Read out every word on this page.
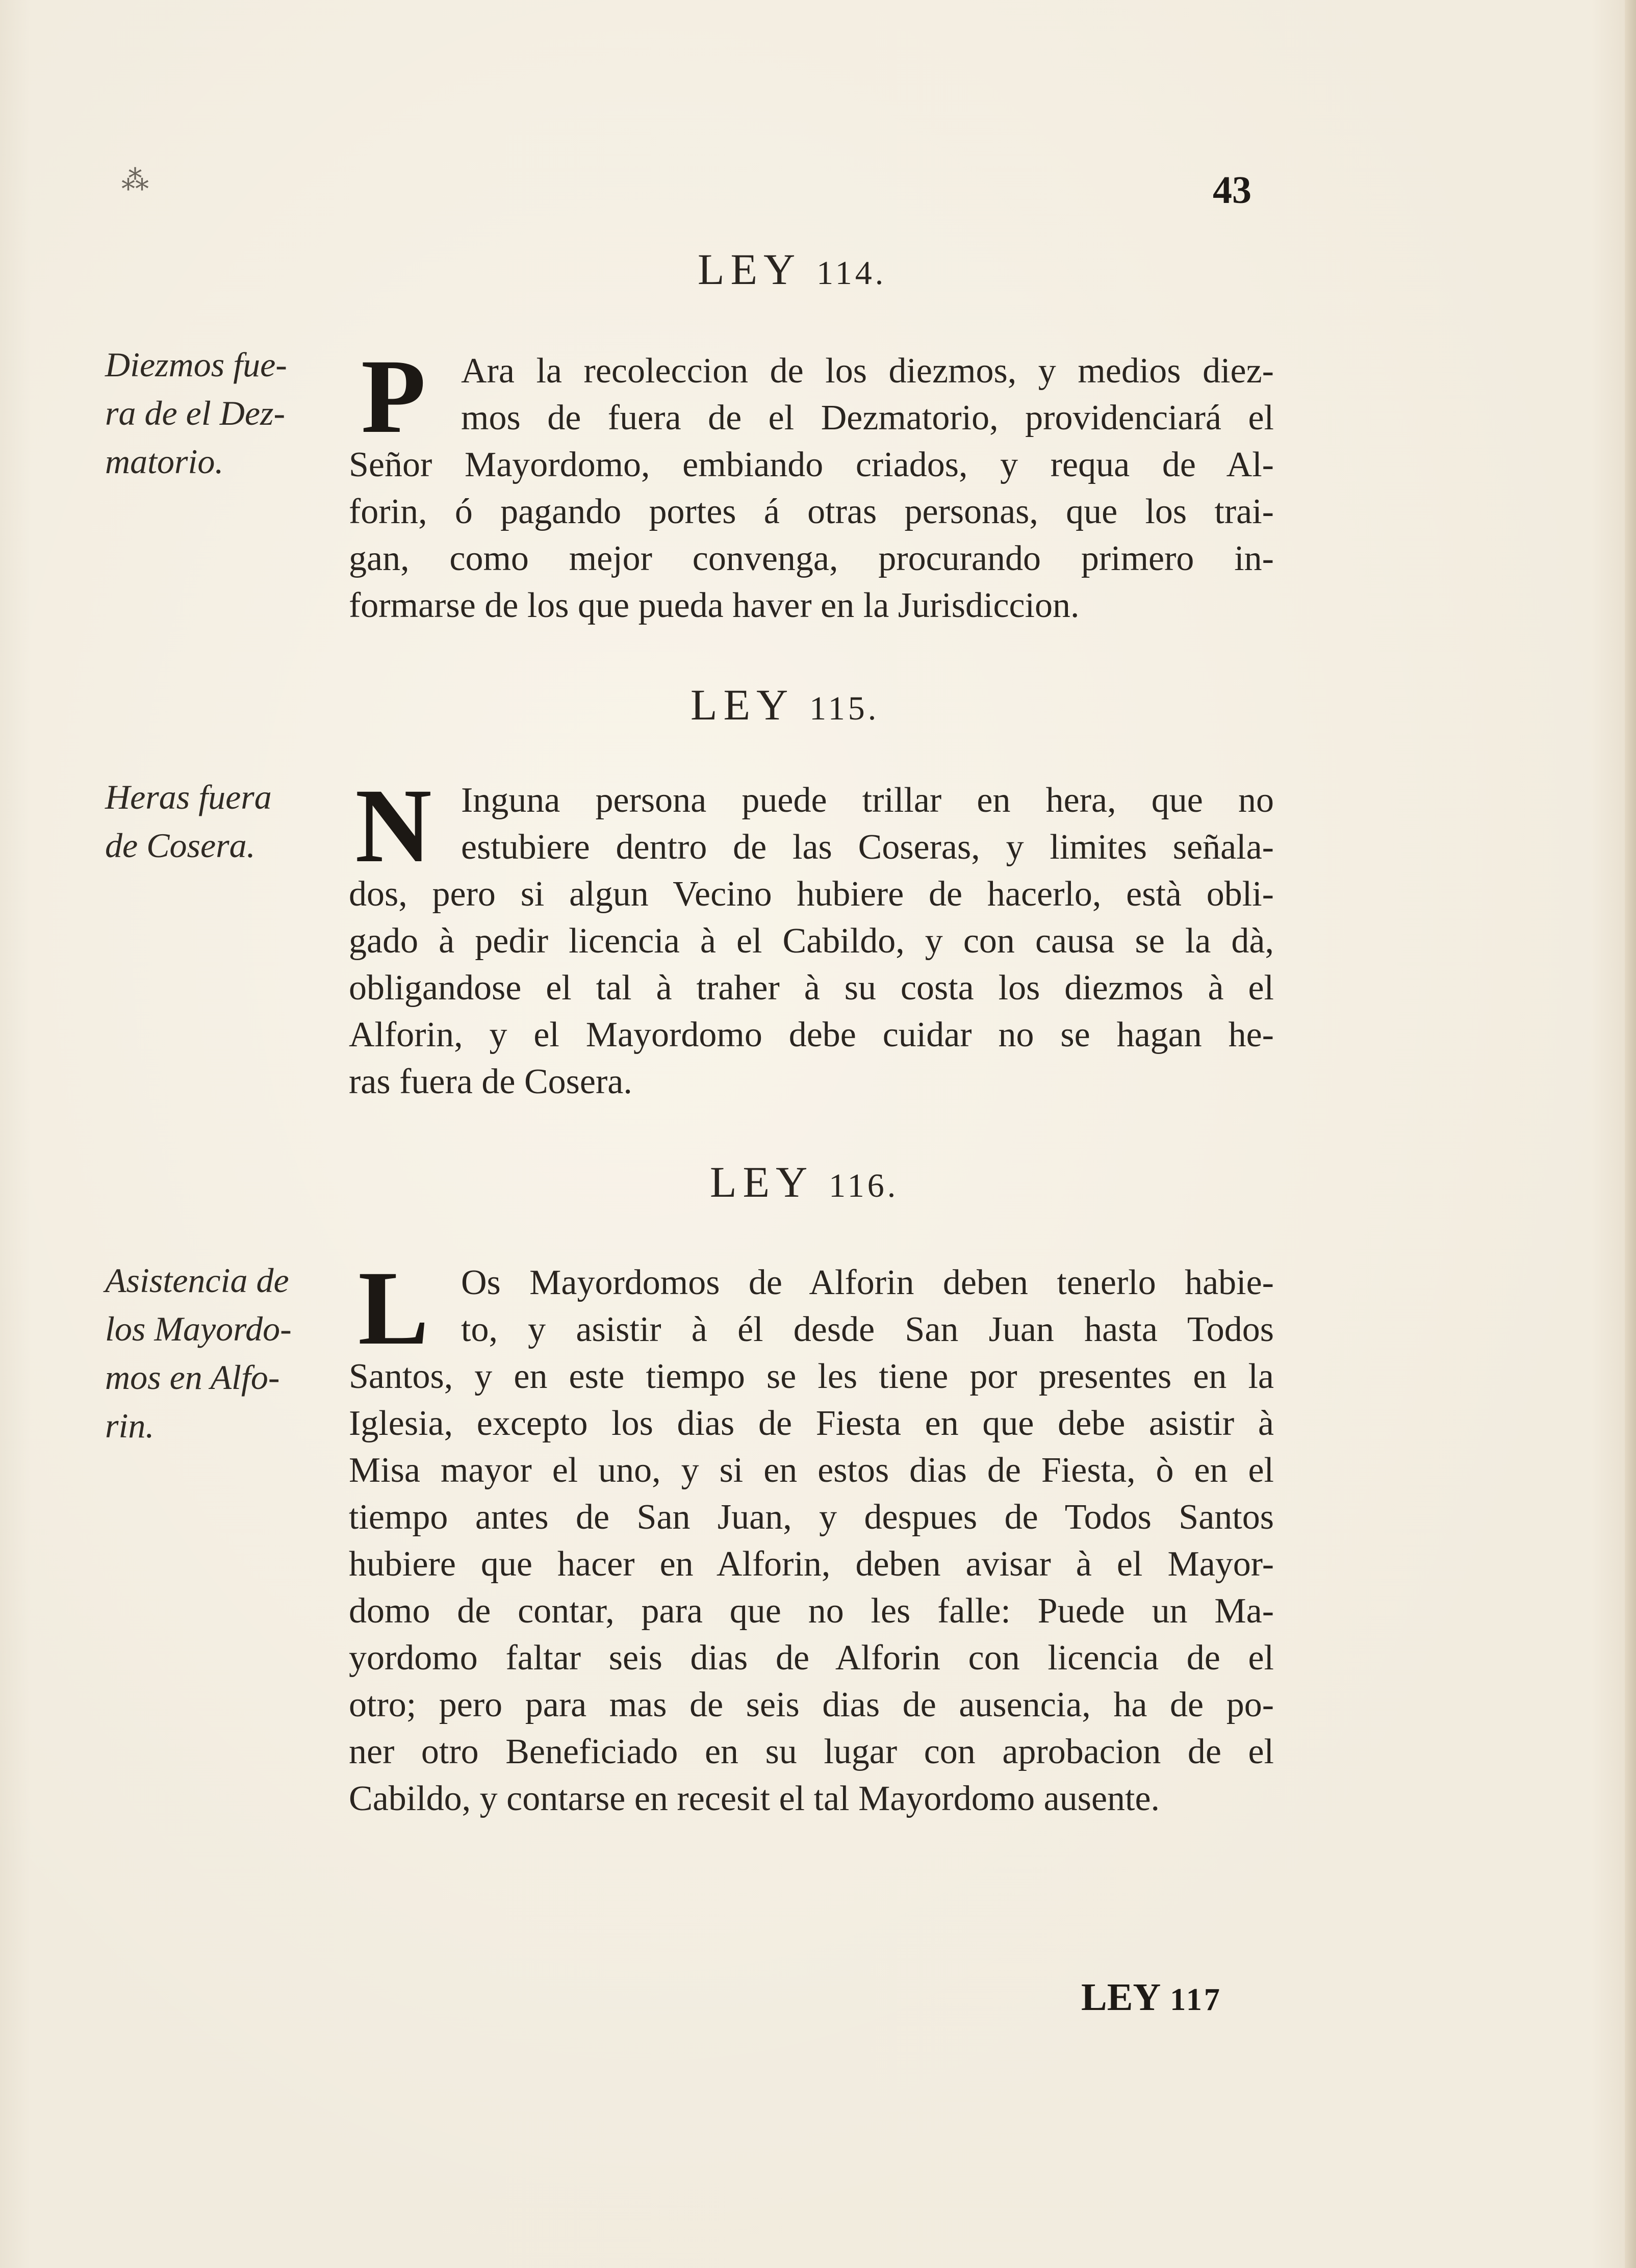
⁂	43
LEY 114.
Diezmos fue-
ra de el Dez-
matorio.
P Ara la recoleccion de los diezmos, y medios diez-
mos de fuera de el Dezmatorio, providenciará el
Señor Mayordomo, embiando criados, y requa de Al-
forin, ó pagando portes á otras personas, que los trai-
gan, como mejor convenga, procurando primero in-
formarse de los que pueda haver en la Jurisdiccion.
LEY 115.
Heras fuera
de Cosera. N Inguna persona puede trillar en hera, que no
estubiere dentro de las Coseras, y limites señala-
dos, pero si algun Vecino hubiere de hacerlo, està obli-
gado à pedir licencia à el Cabildo, y con causa se la dà,
obligandose el tal à traher à su costa los diezmos à el
Alforin, y el Mayordomo debe cuidar no se hagan he-
ras fuera de Cosera.
LEY 116.
Asistencia de
los Mayordo-
mos en Alfo-
rin.
L Os Mayordomos de Alforin deben tenerlo habie-
to, y asistir à él desde San Juan hasta Todos
Santos, y en este tiempo se les tiene por presentes en la
Iglesia, excepto los dias de Fiesta en que debe asistir à
Misa mayor el uno, y si en estos dias de Fiesta, ò en el
tiempo antes de San Juan, y despues de Todos Santos
hubiere que hacer en Alforin, deben avisar à el Mayor-
domo de contar, para que no les falle: Puede un Ma-
yordomo faltar seis dias de Alforin con licencia de el
otro; pero para mas de seis dias de ausencia, ha de po-
ner otro Beneficiado en su lugar con aprobacion de el
Cabildo, y contarse en recesit el tal Mayordomo ausente.
LEY 117
